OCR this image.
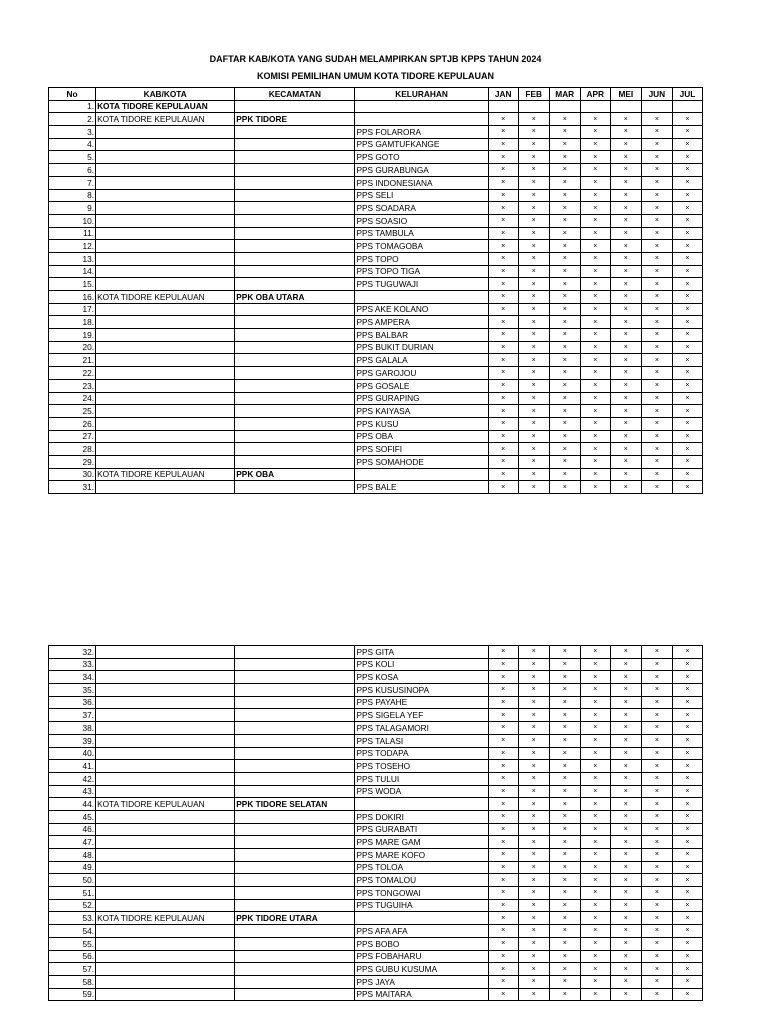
DAFTAR KAB/KOTA YANG SUDAH MELAMPIRKAN SPTJB KPPS TAHUN 2024
KOMISI PEMILIHAN UMUM KOTA TIDORE KEPULAUAN
No	KAB/KOTA	KECAMATAN	KELURAHAN	JAN	FEB	MAR	APR	MEI	JUN	JUL
1.	KOTA TIDORE KEPULAUAN									
2.	KOTA TIDORE KEPULAUAN	PPK TIDORE		×	×	×	×	×	×	×
3.			PPS FOLARORA	×	×	×	×	×	×	×
4.			PPS GAMTUFKANGE	×	×	×	×	×	×	×
5.			PPS GOTO	×	×	×	×	×	×	×
6.			PPS GURABUNGA	×	×	×	×	×	×	×
7.			PPS INDONESIANA	×	×	×	×	×	×	×
8.			PPS SELI	×	×	×	×	×	×	×
9.			PPS SOADARA	×	×	×	×	×	×	×
10.			PPS SOASIO	×	×	×	×	×	×	×
11.			PPS TAMBULA	×	×	×	×	×	×	×
12.			PPS TOMAGOBA	×	×	×	×	×	×	×
13.			PPS TOPO	×	×	×	×	×	×	×
14.			PPS TOPO TIGA	×	×	×	×	×	×	×
15.			PPS TUGUWAJI	×	×	×	×	×	×	×
16.	KOTA TIDORE KEPULAUAN	PPK OBA UTARA		×	×	×	×	×	×	×
17.			PPS AKE KOLANO	×	×	×	×	×	×	×
18.			PPS AMPERA	×	×	×	×	×	×	×
19.			PPS BALBAR	×	×	×	×	×	×	×
20.			PPS BUKIT DURIAN	×	×	×	×	×	×	×
21.			PPS GALALA	×	×	×	×	×	×	×
22.			PPS GAROJOU	×	×	×	×	×	×	×
23.			PPS GOSALE	×	×	×	×	×	×	×
24.			PPS GURAPING	×	×	×	×	×	×	×
25.			PPS KAIYASA	×	×	×	×	×	×	×
26.			PPS KUSU	×	×	×	×	×	×	×
27.			PPS OBA	×	×	×	×	×	×	×
28.			PPS SOFIFI	×	×	×	×	×	×	×
29.			PPS SOMAHODE	×	×	×	×	×	×	×
30.	KOTA TIDORE KEPULAUAN	PPK OBA		×	×	×	×	×	×	×
31.			PPS BALE	×	×	×	×	×	×	×
32.			PPS GITA	×	×	×	×	×	×	×
33.			PPS KOLI	×	×	×	×	×	×	×
34.			PPS KOSA	×	×	×	×	×	×	×
35.			PPS KUSUSINOPA	×	×	×	×	×	×	×
36.			PPS PAYAHE	×	×	×	×	×	×	×
37.			PPS SIGELA YEF	×	×	×	×	×	×	×
38.			PPS TALAGAMORI	×	×	×	×	×	×	×
39.			PPS TALASI	×	×	×	×	×	×	×
40.			PPS TODAPA	×	×	×	×	×	×	×
41.			PPS TOSEHO	×	×	×	×	×	×	×
42.			PPS TULUI	×	×	×	×	×	×	×
43.			PPS WODA	×	×	×	×	×	×	×
44.	KOTA TIDORE KEPULAUAN	PPK TIDORE SELATAN		×	×	×	×	×	×	×
45.			PPS DOKIRI	×	×	×	×	×	×	×
46.			PPS GURABATI	×	×	×	×	×	×	×
47.			PPS MARE GAM	×	×	×	×	×	×	×
48.			PPS MARE KOFO	×	×	×	×	×	×	×
49.			PPS TOLOA	×	×	×	×	×	×	×
50.			PPS TOMALOU	×	×	×	×	×	×	×
51.			PPS TONGOWAI	×	×	×	×	×	×	×
52.			PPS TUGUIHA	×	×	×	×	×	×	×
53.	KOTA TIDORE KEPULAUAN	PPK TIDORE UTARA		×	×	×	×	×	×	×
54.			PPS AFA AFA	×	×	×	×	×	×	×
55.			PPS BOBO	×	×	×	×	×	×	×
56.			PPS FOBAHARU	×	×	×	×	×	×	×
57.			PPS GUBU KUSUMA	×	×	×	×	×	×	×
58.			PPS JAYA	×	×	×	×	×	×	×
59.			PPS MAITARA	×	×	×	×	×	×	×
